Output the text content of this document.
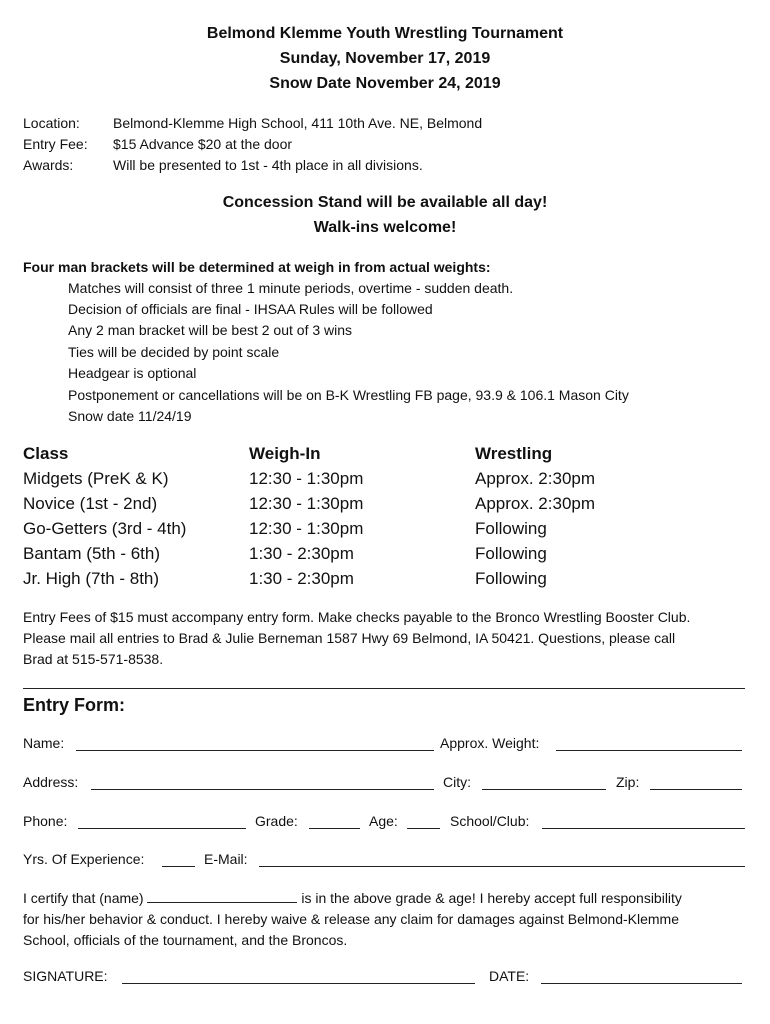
Belmond Klemme Youth Wrestling Tournament
Sunday, November 17, 2019
Snow Date November 24, 2019
Location: Belmond-Klemme High School, 411 10th Ave. NE, Belmond
Entry Fee: $15 Advance $20 at the door
Awards:	Will be presented to 1st - 4th place in all divisions.
Concession Stand will be available all day!
Walk-ins welcome!
Four man brackets will be determined at weigh in from actual weights:
Matches will consist of three 1 minute periods, overtime - sudden death.
Decision of officials are final - IHSAA Rules will be followed
Any 2 man bracket will be best 2 out of 3 wins
Ties will be decided by point scale
Headgear is optional
Postponement or cancellations will be on B-K Wrestling FB page, 93.9 & 106.1 Mason City
Snow date 11/24/19
Class	Weigh-In	Wrestling
Midgets (PreK & K)	12:30 - 1:30pm	Approx. 2:30pm
Novice (1st - 2nd)	12:30 - 1:30pm	Approx. 2:30pm
Go-Getters (3rd - 4th)	12:30 - 1:30pm	Following
Bantam (5th - 6th)	1:30 - 2:30pm	Following
Jr. High (7th - 8th)	1:30 - 2:30pm	Following
Entry Fees of $15 must accompany entry form. Make checks payable to the Bronco Wrestling Booster Club.
Please mail all entries to Brad & Julie Berneman 1587 Hwy 69 Belmond, IA 50421. Questions, please call
Brad at 515-571-8538.
Entry Form:
Name:	Approx. Weight:
Address:	City:	Zip:
Phone:	Grade:	Age:	School/Club:
Yrs. Of Experience:	E-Mail:
I certify that (name)	is in the above grade & age! I hereby accept full responsibility
for his/her behavior & conduct. I hereby waive & release any claim for damages against Belmond-Klemme
School, officials of the tournament, and the Broncos.
SIGNATURE:	DATE:
